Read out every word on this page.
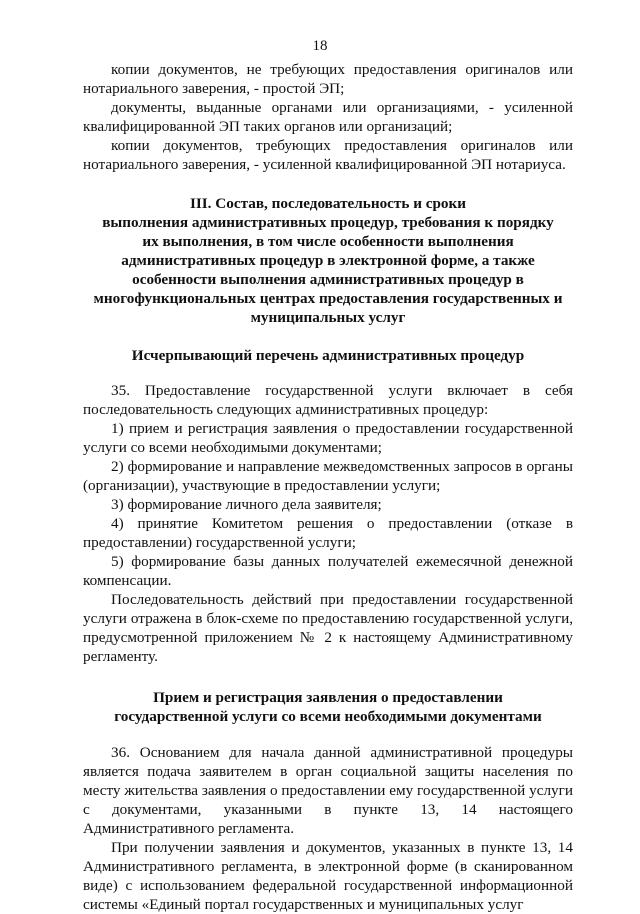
18

копии документов, не требующих предоставления оригиналов или нотариального заверения, - простой ЭП;

документы, выданные органами или организациями, - усиленной квалифицированной ЭП таких органов или организаций;

копии документов, требующих предоставления оригиналов или нотариального заверения, - усиленной квалифицированной ЭП нотариуса.

III. Состав, последовательность и сроки
выполнения административных процедур, требования к порядку
их выполнения, в том числе особенности выполнения
административных процедур в электронной форме, а также
особенности выполнения административных процедур в
многофункциональных центрах предоставления государственных и
муниципальных услуг
Исчерпывающий перечень административных процедур

35. Предоставление государственной услуги включает в себя последовательность следующих административных процедур:

1) прием и регистрация заявления о предоставлении государственной услуги со всеми необходимыми документами;

2) формирование и направление межведомственных запросов в органы (организации), участвующие в предоставлении услуги;

3) формирование личного дела заявителя;

4) принятие Комитетом решения о предоставлении (отказе в предоставлении) государственной услуги;

5) формирование базы данных получателей ежемесячной денежной компенсации.

Последовательность действий при предоставлении государственной услуги отражена в блок-схеме по предоставлению государственной услуги, предусмотренной приложением № 2 к настоящему Административному регламенту.

Прием и регистрация заявления о предоставлении
государственной услуги со всеми необходимыми документами

36. Основанием для начала данной административной процедуры является подача заявителем в орган социальной защиты населения по месту жительства заявления о предоставлении ему государственной услуги с документами, указанными в пункте 13, 14 настоящего Административного регламента.

При получении заявления и документов, указанных в пункте 13, 14 Административного регламента, в электронной форме (в сканированном виде) с использованием федеральной государственной информационной системы «Единый портал государственных и муниципальных услуг
